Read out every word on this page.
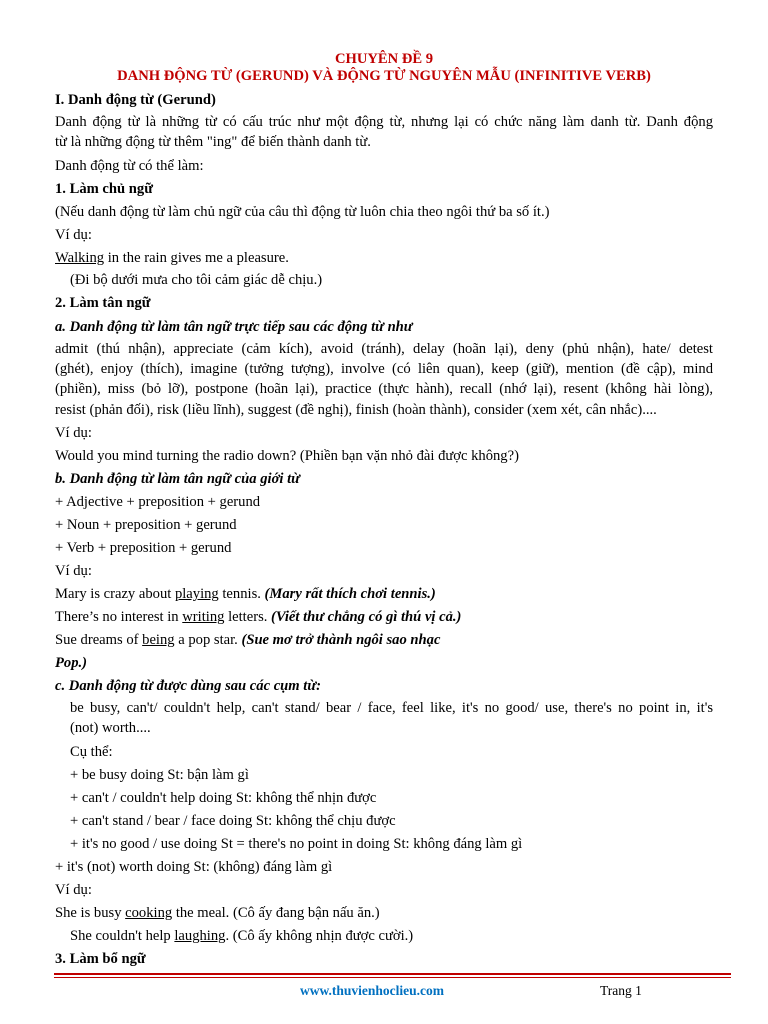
CHUYÊN ĐỀ 9
DANH ĐỘNG TỪ (GERUND) VÀ ĐỘNG TỪ NGUYÊN MẪU (INFINITIVE VERB)
I. Danh động từ (Gerund)
Danh động từ là những từ có cấu trúc như một động từ, nhưng lại có chức năng làm danh từ. Danh động
từ là những động từ thêm "ing" để biến thành danh từ.
Danh động từ có thể làm:
1. Làm chủ ngữ
(Nếu danh động từ làm chủ ngữ của câu thì động từ luôn chia theo ngôi thứ ba số ít.)
Ví dụ:
Walking in the rain gives me a pleasure.
(Đi bộ dưới mưa cho tôi cảm giác dễ chịu.)
2. Làm tân ngữ
a. Danh động từ làm tân ngữ trực tiếp sau các động từ như
admit (thú nhận), appreciate (cảm kích), avoid (tránh), delay (hoãn lại), deny (phủ nhận), hate/ detest
(ghét), enjoy (thích), imagine (tưởng tượng), involve (có liên quan), keep (giữ), mention (đề cập), mind
(phiền), miss (bỏ lỡ), postpone (hoãn lại), practice (thực hành), recall (nhớ lại), resent (không hài lòng),
resist (phản đối), risk (liều lĩnh), suggest (đề nghị), finish (hoàn thành), consider (xem xét, cân nhắc)....
Ví dụ:
Would you mind turning the radio down? (Phiền bạn vặn nhỏ đài được không?)
b. Danh động từ làm tân ngữ của giới từ
+ Adjective + preposition + gerund
+ Noun + preposition + gerund
+ Verb + preposition + gerund
Ví dụ:
Mary is crazy about playing tennis. (Mary rất thích chơi tennis.)
There’s no interest in writing letters. (Viết thư chẳng có gì thú vị cả.)
Sue dreams of being a pop star. (Sue mơ trở thành ngôi sao nhạc
Pop.)
c. Danh động từ được dùng sau các cụm từ:
be busy, can't/ couldn't help, can't stand/ bear / face, feel like, it's no good/ use, there's no point in, it's
(not) worth....
Cụ thể:
+ be busy doing St: bận làm gì
+ can't / couldn't help doing St: không thể nhịn được
+ can't stand / bear / face doing St: không thể chịu được
+ it's no good / use doing St = there's no point in doing St: không đáng làm gì
+ it's (not) worth doing St: (không) đáng làm gì
Ví dụ:
She is busy cooking the meal. (Cô ấy đang bận nấu ăn.)
She couldn't help laughing. (Cô ấy không nhịn được cười.)
3. Làm bổ ngữ
www.thuvienhoclieu.com	Trang 1
